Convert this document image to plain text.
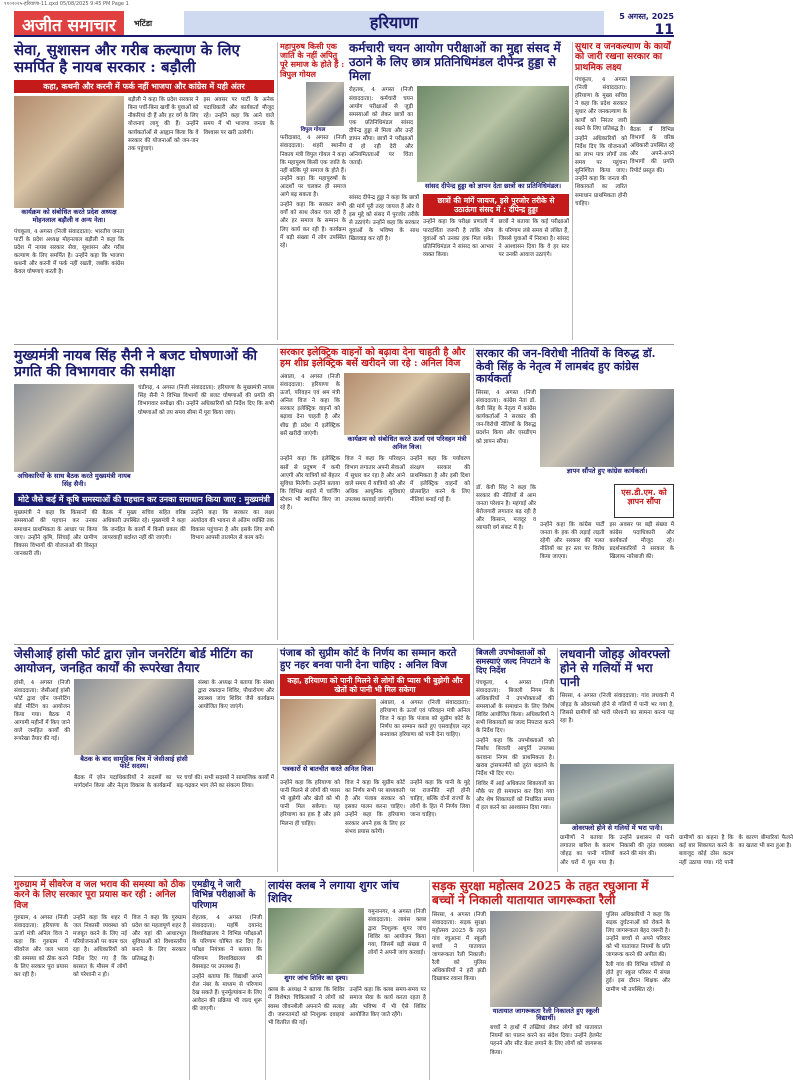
९१०२०२५-हरियाणा-11.qxd 05/08/2025 9:45 PM Page 1
अजीत समाचार	भटिंडा	हरियाणा	5 अगस्त, 2025
11
सेवा, सुशासन और गरीब कल्याण के लिए समर्पित है नायब सरकार : बड़ौली
कहा, कथनी और करनी में फर्क नहीं भाजपा और कांग्रेस में यही अंतर
कार्यक्रम को संबोधित करते प्रदेश अध्यक्ष मोहनलाल बड़ौली व अन्य नेता।

पंचकूला, 4 अगस्त (निजी संवाददाता): भारतीय जनता पार्टी के प्रदेश अध्यक्ष मोहनलाल बड़ौली ने कहा कि प्रदेश में नायब सरकार सेवा, सुशासन और गरीब कल्याण के लिए समर्पित है। उन्होंने कहा कि भाजपा कथनी और करनी में फर्क नहीं रखती, जबकि कांग्रेस केवल घोषणाएं करती है।

बड़ौली ने कहा कि प्रदेश सरकार ने बिना पर्ची-बिना खर्ची के युवाओं को नौकरियां दी हैं और हर वर्ग के लिए योजनाएं लागू की हैं। उन्होंने कार्यकर्ताओं से आह्वान किया कि वे सरकार की योजनाओं को जन-जन तक पहुंचाएं।

इस अवसर पर पार्टी के अनेक पदाधिकारी और कार्यकर्ता मौजूद रहे। उन्होंने कहा कि आने वाले समय में भी भाजपा जनता के विश्वास पर खरी उतरेगी।

महापुरुष किसी एक जाति के नहीं अपितु पूरे समाज के होते हैं : विपुल गोयल
विपुल गोयल

फरीदाबाद, 4 अगस्त (निजी संवाददाता): शहरी स्थानीय निकाय मंत्री विपुल गोयल ने कहा कि महापुरुष किसी एक जाति के नहीं बल्कि पूरे समाज के होते हैं। उन्होंने कहा कि महापुरुषों के आदर्शों पर चलकर ही समाज आगे बढ़ सकता है।

उन्होंने कहा कि सरकार सभी वर्गों को साथ लेकर चल रही है और हर समाज के सम्मान के लिए कार्य कर रही है। कार्यक्रम में बड़ी संख्या में लोग उपस्थित रहे।

कर्मचारी चयन आयोग परीक्षाओं का मुद्दा संसद में उठाने के लिए छात्र प्रतिनिधिमंडल दीपेन्द्र हुड्डा से मिला

रोहतक, 4 अगस्त (निजी संवाददाता): कर्मचारी चयन आयोग परीक्षाओं से जुड़ी समस्याओं को लेकर छात्रों का एक प्रतिनिधिमंडल सांसद दीपेन्द्र हुड्डा से मिला और उन्हें ज्ञापन सौंपा। छात्रों ने परीक्षाओं में हो रही देरी और अनियमितताओं पर चिंता जताई।

सांसद दीपेन्द्र हुड्डा को ज्ञापन देता छात्रों का प्रतिनिधिमंडल।

सांसद दीपेन्द्र हुड्डा ने कहा कि छात्रों की मांगें पूरी तरह जायज हैं और वे इस मुद्दे को संसद में पुरजोर तरीके से उठाएंगे। उन्होंने कहा कि सरकार युवाओं के भविष्य के साथ खिलवाड़ कर रही है।

छात्रों की मांगें जायज, इसे पुरजोर तरीके से उठाऊंगा संसद में : दीपेन्द्र हुड्डा

उन्होंने कहा कि परीक्षा प्रणाली में पारदर्शिता जरूरी है ताकि योग्य युवाओं को उनका हक मिल सके। प्रतिनिधिमंडल ने सांसद का आभार व्यक्त किया।

छात्रों ने बताया कि कई परीक्षाओं के परिणाम लंबे समय से लंबित हैं, जिससे युवाओं में निराशा है। सांसद ने आश्वासन दिया कि वे हर स्तर पर उनकी आवाज उठाएंगे।

सुधार व जनकल्याण के कार्यों को जारी रखना सरकार का प्राथमिक लक्ष्य

पंचकूला, 4 अगस्त (निजी संवाददाता): हरियाणा के मुख्य सचिव ने कहा कि प्रदेश सरकार सुधार और जनकल्याण के कार्यों को निरंतर जारी रखने के लिए प्रतिबद्ध है।

उन्होंने अधिकारियों को निर्देश दिए कि योजनाओं का लाभ पात्र लोगों तक समय पर पहुंचना सुनिश्चित किया जाए। उन्होंने कहा कि जनता की शिकायतों का त्वरित समाधान प्राथमिकता होनी चाहिए।

बैठक में विभिन्न विभागों के वरिष्ठ अधिकारी उपस्थित रहे और अपने-अपने विभागों की प्रगति रिपोर्ट प्रस्तुत की।

मुख्यमंत्री नायब सिंह सैनी ने बजट घोषणाओं की प्रगति की विभागवार की समीक्षा
अधिकारियों के साथ बैठक करते मुख्यमंत्री नायब सिंह सैनी।

चंडीगढ़, 4 अगस्त (निजी संवाददाता): हरियाणा के मुख्यमंत्री नायब सिंह सैनी ने विभिन्न विभागों की बजट घोषणाओं की प्रगति की विभागवार समीक्षा की। उन्होंने अधिकारियों को निर्देश दिए कि सभी घोषणाओं को तय समय सीमा में पूरा किया जाए।

मोटे जैसे कई में कृषि समस्याओं की पहचान कर उनका समाधान किया जाए : मुख्यमंत्री

मुख्यमंत्री ने कहा कि किसानों की समस्याओं की पहचान कर उनका समाधान प्राथमिकता के आधार पर किया जाए। उन्होंने कृषि, सिंचाई और ग्रामीण विकास विभागों की योजनाओं की विस्तृत जानकारी ली।

बैठक में मुख्य सचिव सहित वरिष्ठ अधिकारी उपस्थित रहे। मुख्यमंत्री ने कहा कि जनहित के कार्यों में किसी प्रकार की लापरवाही बर्दाश्त नहीं की जाएगी।

उन्होंने कहा कि सरकार का लक्ष्य अंत्योदय की भावना से अंतिम व्यक्ति तक विकास पहुंचाना है और इसके लिए सभी विभाग आपसी तालमेल से काम करें।

सरकार इलेक्ट्रिक वाहनों को बढ़ावा देना चाहती है और हम शीघ्र इलेक्ट्रिक बसें खरीदने जा रहे : अनिल विज

अंबाला, 4 अगस्त (निजी संवाददाता): हरियाणा के ऊर्जा, परिवहन एवं श्रम मंत्री अनिल विज ने कहा कि सरकार इलेक्ट्रिक वाहनों को बढ़ावा देना चाहती है और शीघ्र ही प्रदेश में इलेक्ट्रिक बसें खरीदी जाएंगी।

कार्यक्रम को संबोधित करते ऊर्जा एवं परिवहन मंत्री अनिल विज।

उन्होंने कहा कि इलेक्ट्रिक बसों से प्रदूषण में कमी आएगी और यात्रियों को बेहतर सुविधा मिलेगी। उन्होंने बताया कि विभिन्न शहरों में चार्जिंग स्टेशन भी स्थापित किए जा रहे हैं।

विज ने कहा कि परिवहन विभाग लगातार अपनी सेवाओं में सुधार कर रहा है और आने वाले समय में यात्रियों को और अधिक आधुनिक सुविधाएं उपलब्ध करवाई जाएंगी।

उन्होंने कहा कि पर्यावरण संरक्षण सरकार की प्राथमिकता है और इसी दिशा में इलेक्ट्रिक वाहनों को प्रोत्साहित करने के लिए नीतियां बनाई गई हैं।

सरकार की जन-विरोधी नीतियों के विरुद्ध डॉ. केवी सिंह के नेतृत्व में लामबंद हुए कांग्रेस कार्यकर्ता

सिरसा, 4 अगस्त (निजी संवाददाता): कांग्रेस नेता डॉ. केवी सिंह के नेतृत्व में कांग्रेस कार्यकर्ताओं ने सरकार की जन-विरोधी नीतियों के विरुद्ध प्रदर्शन किया और एसडीएम को ज्ञापन सौंपा।

ज्ञापन सौंपते हुए कांग्रेस कार्यकर्ता।

डॉ. केवी सिंह ने कहा कि सरकार की नीतियों से आम जनता परेशान है। महंगाई और बेरोजगारी लगातार बढ़ रही है और किसान, मजदूर व व्यापारी वर्ग संकट में है।

एस.डी.एम. को ज्ञापन सौंपा

उन्होंने कहा कि कांग्रेस पार्टी जनता के हक की लड़ाई लड़ती रहेगी और सरकार की गलत नीतियों का हर स्तर पर विरोध किया जाएगा।

इस अवसर पर बड़ी संख्या में कांग्रेस पदाधिकारी और कार्यकर्ता मौजूद रहे। प्रदर्शनकारियों ने सरकार के खिलाफ नारेबाजी की।

जेसीआई हांसी फोर्ट द्वारा ज़ोन जनरेटिंग बोर्ड मीटिंग का आयोजन, जनहित कार्यों की रूपरेखा तैयार

हांसी, 4 अगस्त (निजी संवाददाता): जेसीआई हांसी फोर्ट द्वारा ज़ोन जनरेटिंग बोर्ड मीटिंग का आयोजन किया गया। बैठक में आगामी महीनों में किए जाने वाले जनहित कार्यों की रूपरेखा तैयार की गई।

बैठक के बाद सामूहिक चित्र में जेसीआई हांसी फोर्ट सदस्य।

संस्था के अध्यक्ष ने बताया कि संस्था द्वारा रक्तदान शिविर, पौधारोपण और स्वास्थ्य जांच शिविर जैसे कार्यक्रम आयोजित किए जाएंगे।

बैठक में ज़ोन पदाधिकारियों ने सदस्यों का मार्गदर्शन किया और नेतृत्व विकास के कार्यक्रमों पर चर्चा की। सभी सदस्यों ने सामाजिक कार्यों में बढ़-चढ़कर भाग लेने का संकल्प लिया।

पंजाब को सुप्रीम कोर्ट के निर्णय का सम्मान करते हुए नहर बनवा पानी देना चाहिए : अनिल विज
कहा, हरियाणा को पानी मिलने से लोगों की प्यास भी बुझेगी और खेतों को पानी भी मिल सकेगा
पत्रकारों से बातचीत करते अनिल विज।

अंबाला, 4 अगस्त (निजी संवाददाता): हरियाणा के ऊर्जा एवं परिवहन मंत्री अनिल विज ने कहा कि पंजाब को सुप्रीम कोर्ट के निर्णय का सम्मान करते हुए एसवाईएल नहर बनवाकर हरियाणा को पानी देना चाहिए।

उन्होंने कहा कि हरियाणा को पानी मिलने से लोगों की प्यास भी बुझेगी और खेतों को भी पानी मिल सकेगा। यह हरियाणा का हक है और इसे मिलना ही चाहिए।

विज ने कहा कि सुप्रीम कोर्ट का निर्णय सभी पर बाध्यकारी है और पंजाब सरकार को इसका पालन करना चाहिए। उन्होंने कहा कि हरियाणा सरकार अपने हक के लिए हर संभव प्रयास करेगी।

उन्होंने कहा कि पानी के मुद्दे पर राजनीति नहीं होनी चाहिए, बल्कि दोनों राज्यों के लोगों के हित में निर्णय लिया जाना चाहिए।

बिजली उपभोक्ताओं को समस्याएं जल्द निपटाने के दिए निर्देश

पंचकूला, 4 अगस्त (निजी संवाददाता): बिजली निगम के अधिकारियों ने उपभोक्ताओं की समस्याओं के समाधान के लिए विशेष शिविर आयोजित किया। अधिकारियों ने सभी शिकायतों का जल्द निपटारा करने के निर्देश दिए।

उन्होंने कहा कि उपभोक्ताओं को निर्बाध बिजली आपूर्ति उपलब्ध करवाना निगम की प्राथमिकता है। खराब ट्रांसफार्मरों को तुरंत बदलने के निर्देश भी दिए गए।

शिविर में आई अधिकतर शिकायतों का मौके पर ही समाधान कर दिया गया और शेष शिकायतों को निर्धारित समय में हल करने का आश्वासन दिया गया।

लधवानी जोहड़ ओवरफ्लो होने से गलियों में भरा पानी

सिरसा, 4 अगस्त (निजी संवाददाता): गांव लधवानी में जोहड़ के ओवरफ्लो होने से गलियों में पानी भर गया है, जिससे ग्रामीणों को भारी परेशानी का सामना करना पड़ रहा है।

ओवरफ्लो होने से गलियों में भरा पानी।

ग्रामीणों ने बताया कि लगातार बारिश के कारण जोहड़ का पानी गलियों और घरों में घुस गया है। उन्होंने प्रशासन से पानी निकासी की तुरंत व्यवस्था करने की मांग की।

ग्रामीणों का कहना है कि कई बार शिकायत करने के बावजूद कोई ठोस कदम नहीं उठाया गया। गंदे पानी के कारण बीमारियां फैलने का खतरा भी बना हुआ है।

गुरुग्राम में सीवरेज व जल भराव की समस्या को ठीक करने के लिए सरकार पूरा प्रयास कर रही : अनिल विज

गुरुग्राम, 4 अगस्त (निजी संवाददाता): हरियाणा के ऊर्जा मंत्री अनिल विज ने कहा कि गुरुग्राम में सीवरेज और जल भराव की समस्या को ठीक करने के लिए सरकार पूरा प्रयास कर रही है।

उन्होंने कहा कि शहर में जल निकासी व्यवस्था को मजबूत करने के लिए नई परियोजनाओं पर काम चल रहा है। अधिकारियों को निर्देश दिए गए हैं कि बरसात के मौसम में लोगों को परेशानी न हो।

विज ने कहा कि गुरुग्राम प्रदेश का महत्वपूर्ण शहर है और यहां की आधारभूत सुविधाओं को विश्वस्तरीय बनाने के लिए सरकार प्रतिबद्ध है।

एमडीयू ने जारी विभिन्न परीक्षाओं के परिणाम

रोहतक, 4 अगस्त (निजी संवाददाता): महर्षि दयानंद विश्वविद्यालय ने विभिन्न परीक्षाओं के परिणाम घोषित कर दिए हैं। परीक्षा नियंत्रक ने बताया कि परिणाम विश्वविद्यालय की वेबसाइट पर उपलब्ध हैं।

उन्होंने बताया कि विद्यार्थी अपने रोल नंबर के माध्यम से परिणाम देख सकते हैं। पुनर्मूल्यांकन के लिए आवेदन की प्रक्रिया भी जल्द शुरू की जाएगी।

लायंस क्लब ने लगाया शुगर जांच शिविर
शुगर जांच शिविर का दृश्य।

यमुनानगर, 4 अगस्त (निजी संवाददाता): लायंस क्लब द्वारा निःशुल्क शुगर जांच शिविर का आयोजन किया गया, जिसमें बड़ी संख्या में लोगों ने अपनी जांच करवाई।

क्लब के अध्यक्ष ने बताया कि शिविर में विशेषज्ञ चिकित्सकों ने लोगों को स्वस्थ जीवनशैली अपनाने की सलाह दी। जरूरतमंदों को निःशुल्क दवाइयां भी वितरित की गईं।

उन्होंने कहा कि क्लब समय-समय पर समाज सेवा के कार्य करता रहता है और भविष्य में भी ऐसे शिविर आयोजित किए जाते रहेंगे।

सड़क सुरक्षा महोत्सव 2025 के तहत रघुआना में बच्चों ने निकाली यातायात जागरूकता रैली

सिरसा, 4 अगस्त (निजी संवाददाता): सड़क सुरक्षा महोत्सव 2025 के तहत गांव रघुआना में स्कूली बच्चों ने यातायात जागरूकता रैली निकाली। रैली को पुलिस अधिकारियों ने हरी झंडी दिखाकर रवाना किया।

यातायात जागरूकता रैली निकालते हुए स्कूली विद्यार्थी।

बच्चों ने हाथों में तख्तियां लेकर लोगों को यातायात नियमों का पालन करने का संदेश दिया। उन्होंने हेलमेट पहनने और सीट बेल्ट लगाने के लिए लोगों को जागरूक किया।

पुलिस अधिकारियों ने कहा कि सड़क दुर्घटनाओं को रोकने के लिए जागरूकता बेहद जरूरी है। उन्होंने बच्चों से अपने परिवार को भी यातायात नियमों के प्रति जागरूक करने की अपील की।

रैली गांव की विभिन्न गलियों से होते हुए स्कूल परिसर में संपन्न हुई। इस दौरान शिक्षक और ग्रामीण भी उपस्थित रहे।
